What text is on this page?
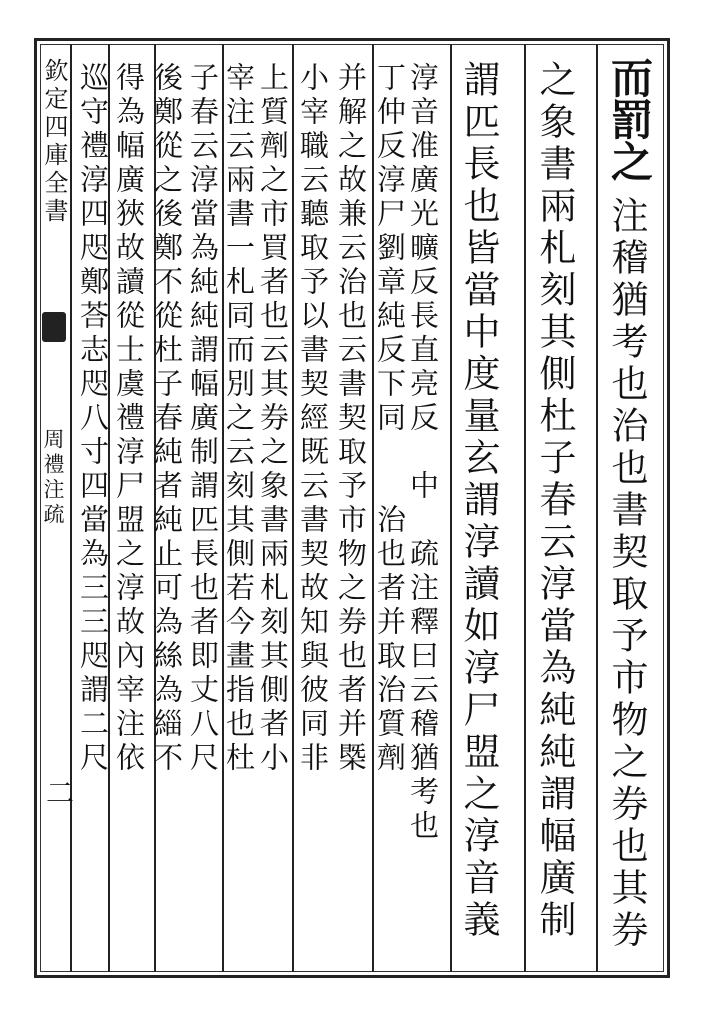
欽定四庫全書
周禮注疏
二
而罰之
注稽猶考也治也書契取予市物之券也其券
之象書兩札刻其側杜子春云淳當為純純謂幅廣制
謂匹長也皆當中度量玄謂淳讀如淳尸盟之淳音義
淳音准廣光曠反長直亮反　中　疏注釋曰云稽猶考也
丁仲反淳尸劉章純反下同　　治也者并取治質劑
并解之故兼云治也云書契取予市物之券也者并㮣
小宰職云聽取予以書契經既云書契故知與彼同非
上質劑之市買者也云其券之象書兩札刻其側者小
宰注云兩書一札同而別之云刻其側若今畫指也杜
子春云淳當為純純謂幅廣制謂匹長也者即丈八尺
後鄭從之後鄭不從杜子春純者純止可為絲為緇不
得為幅廣狹故讀從士虞禮淳尸盟之淳故內宰注依
巡守禮淳四咫鄭荅志咫八寸四當為三三咫謂二尺
